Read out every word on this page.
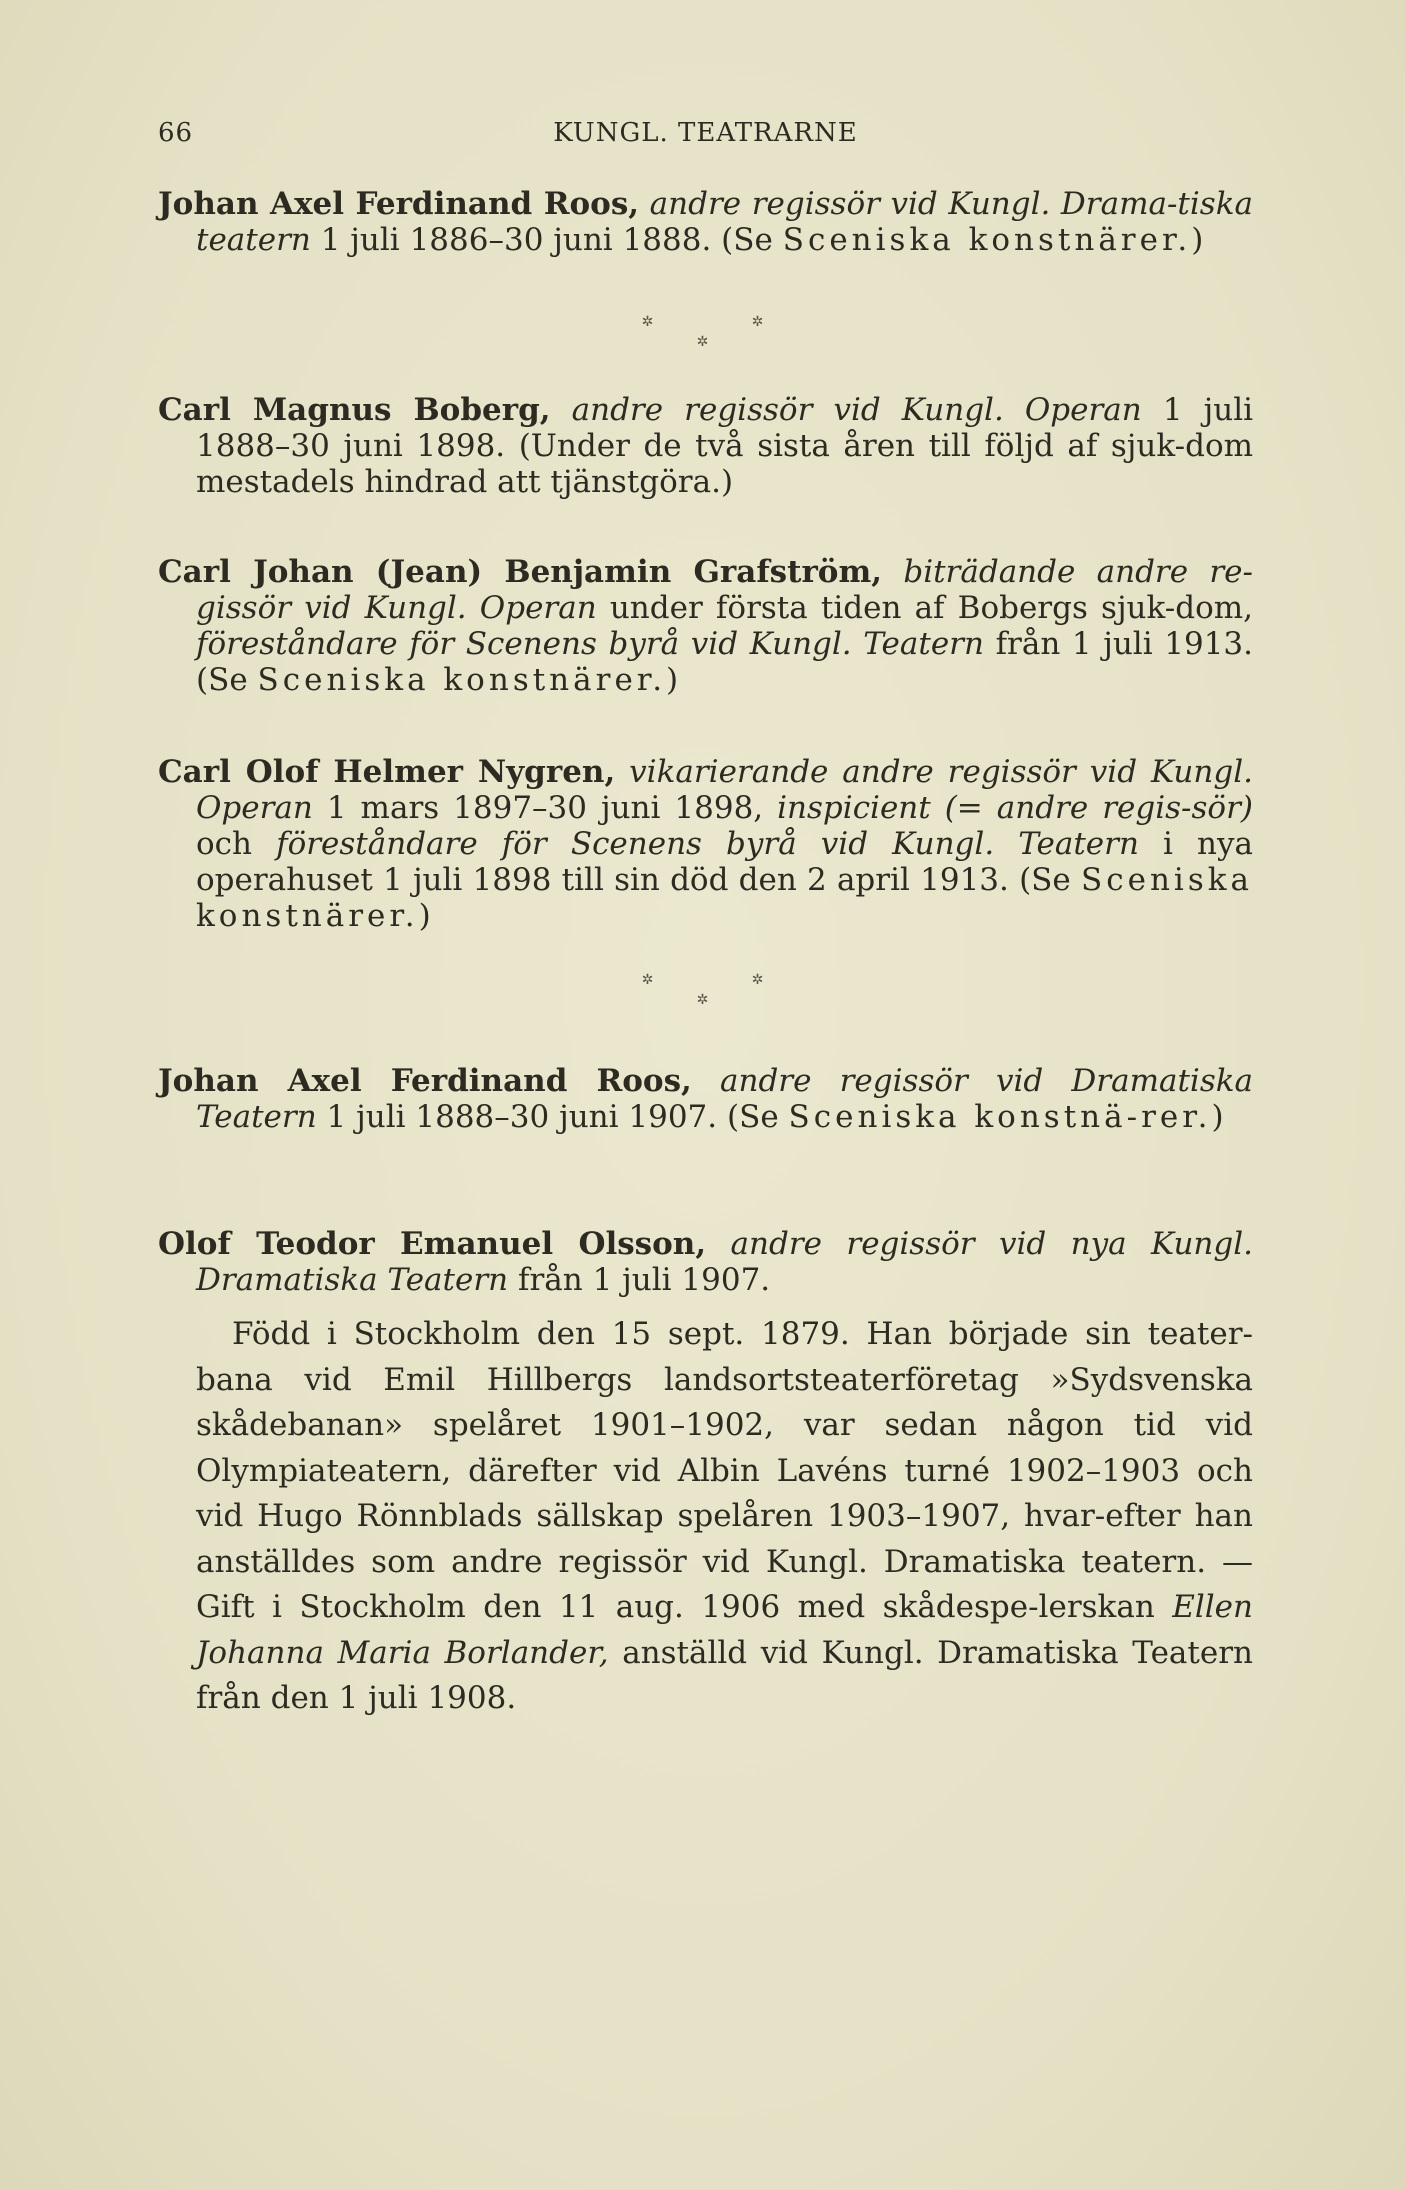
66	KUNGL. TEATRARNE
Johan Axel Ferdinand Roos, andre regissör vid Kungl. Drama-tiska teatern 1 juli 1886–30 juni 1888. (Se Sceniska konstnärer.)
✲	✲
✲
Carl Magnus Boberg, andre regissör vid Kungl. Operan 1 juli 1888–30 juni 1898. (Under de två sista åren till följd af sjuk-dom mestadels hindrad att tjänstgöra.)
Carl Johan (Jean) Benjamin Grafström, biträdande andre re-gissör vid Kungl. Operan under första tiden af Bobergs sjuk-dom, föreståndare för Scenens byrå vid Kungl. Teatern från 1 juli 1913. (Se Sceniska konstnärer.)
Carl Olof Helmer Nygren, vikarierande andre regissör vid Kungl. Operan 1 mars 1897–30 juni 1898, inspicient (= andre regis-sör) och föreståndare för Scenens byrå vid Kungl. Teatern i nya operahuset 1 juli 1898 till sin död den 2 april 1913. (Se Sceniska konstnärer.)
✲	✲
✲
Johan Axel Ferdinand Roos, andre regissör vid Dramatiska Teatern 1 juli 1888–30 juni 1907. (Se Sceniska konstnä-rer.)
Olof Teodor Emanuel Olsson, andre regissör vid nya Kungl. Dramatiska Teatern från 1 juli 1907.
Född i Stockholm den 15 sept. 1879. Han började sin teater-bana vid Emil Hillbergs landsortsteaterföretag »Sydsvenska skådebanan» spelåret 1901–1902, var sedan någon tid vid Olympiateatern, därefter vid Albin Lavéns turné 1902–1903 och vid Hugo Rönnblads sällskap spelåren 1903–1907, hvar-efter han anställdes som andre regissör vid Kungl. Dramatiska teatern. — Gift i Stockholm den 11 aug. 1906 med skådespe-lerskan Ellen Johanna Maria Borlander, anställd vid Kungl. Dramatiska Teatern från den 1 juli 1908.
